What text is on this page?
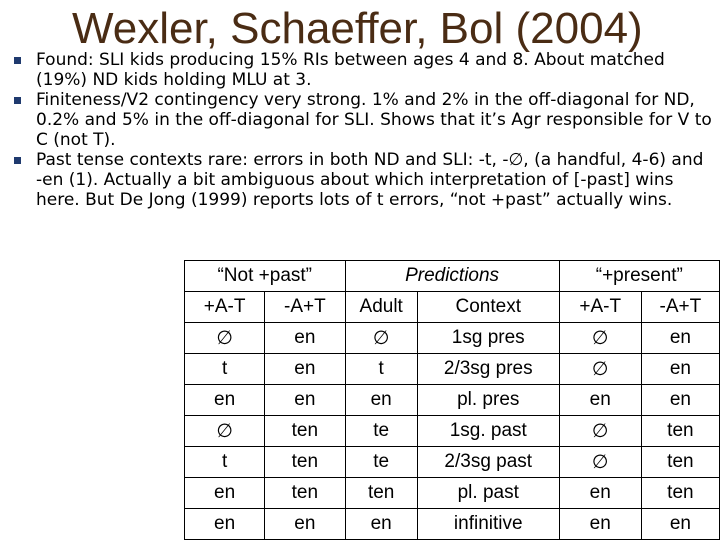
Wexler, Schaeffer, Bol (2004)
Found: SLI kids producing 15% RIs between ages 4 and 8. About matched (19%) ND kids holding MLU at 3.
Finiteness/V2 contingency very strong. 1% and 2% in the off-diagonal for ND, 0.2% and 5% in the off-diagonal for SLI. Shows that it’s Agr responsible for V to C (not T).
Past tense contexts rare: errors in both ND and SLI: -t, -∅, (a handful, 4-6) and -en (1). Actually a bit ambiguous about which interpretation of [-past] wins here. But De Jong (1999) reports lots of t errors, “not +past” actually wins.
“Not +past”		Predictions		“+present”	
+A-T	-A+T	Adult	Context	+A-T	-A+T
∅	en	∅	1sg pres	∅	en
t	en	t	2/3sg pres	∅	en
en	en	en	pl. pres	en	en
∅	ten	te	1sg. past	∅	ten
t	ten	te	2/3sg past	∅	ten
en	ten	ten	pl. past	en	ten
en	en	en	infinitive	en	en
